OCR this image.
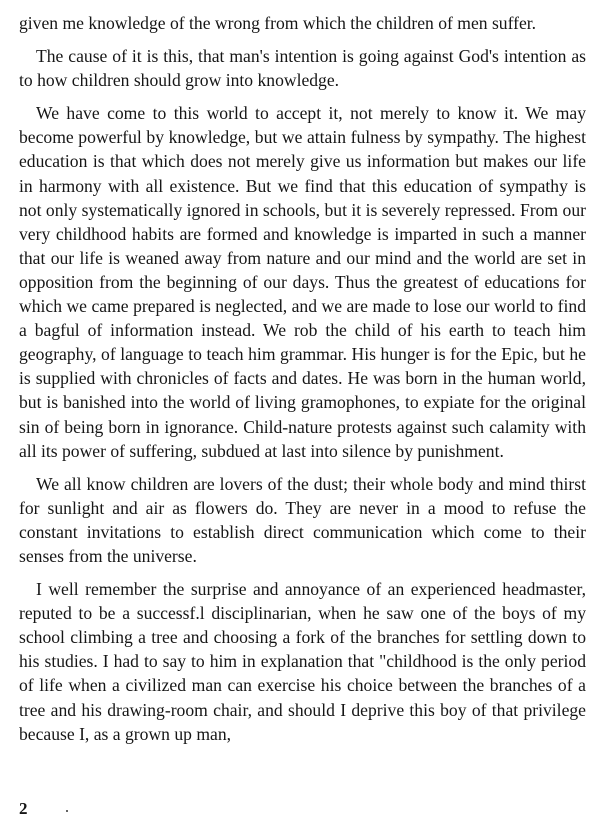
given me knowledge of the wrong from which the children of men suffer.

The cause of it is this, that man's intention is going against God's intention as to how children should grow into knowledge.

We have come to this world to accept it, not merely to know it. We may become powerful by knowledge, but we attain fulness by sympathy. The highest education is that which does not merely give us information but makes our life in harmony with all existence. But we find that this education of sympathy is not only systematically ignored in schools, but it is severely repressed. From our very childhood habits are formed and knowledge is imparted in such a manner that our life is weaned away from nature and our mind and the world are set in opposition from the beginning of our days. Thus the greatest of educations for which we came prepared is neglected, and we are made to lose our world to find a bagful of information instead. We rob the child of his earth to teach him geography, of language to teach him grammar. His hunger is for the Epic, but he is supplied with chronicles of facts and dates. He was born in the human world, but is banished into the world of living gramophones, to expiate for the original sin of being born in ignorance. Child-nature protests against such calamity with all its power of suffering, subdued at last into silence by punishment.

We all know children are lovers of the dust; their whole body and mind thirst for sunlight and air as flowers do. They are never in a mood to refuse the constant invitations to establish direct communication which come to their senses from the universe.

I well remember the surprise and annoyance of an experienced headmaster, reputed to be a successf.l disciplinarian, when he saw one of the boys of my school climbing a tree and choosing a fork of the branches for settling down to his studies. I had to say to him in explanation that "childhood is the only period of life when a civilized man can exercise his choice between the branches of a tree and his drawing-room chair, and should I deprive this boy of that privilege because I, as a grown up man,

2
